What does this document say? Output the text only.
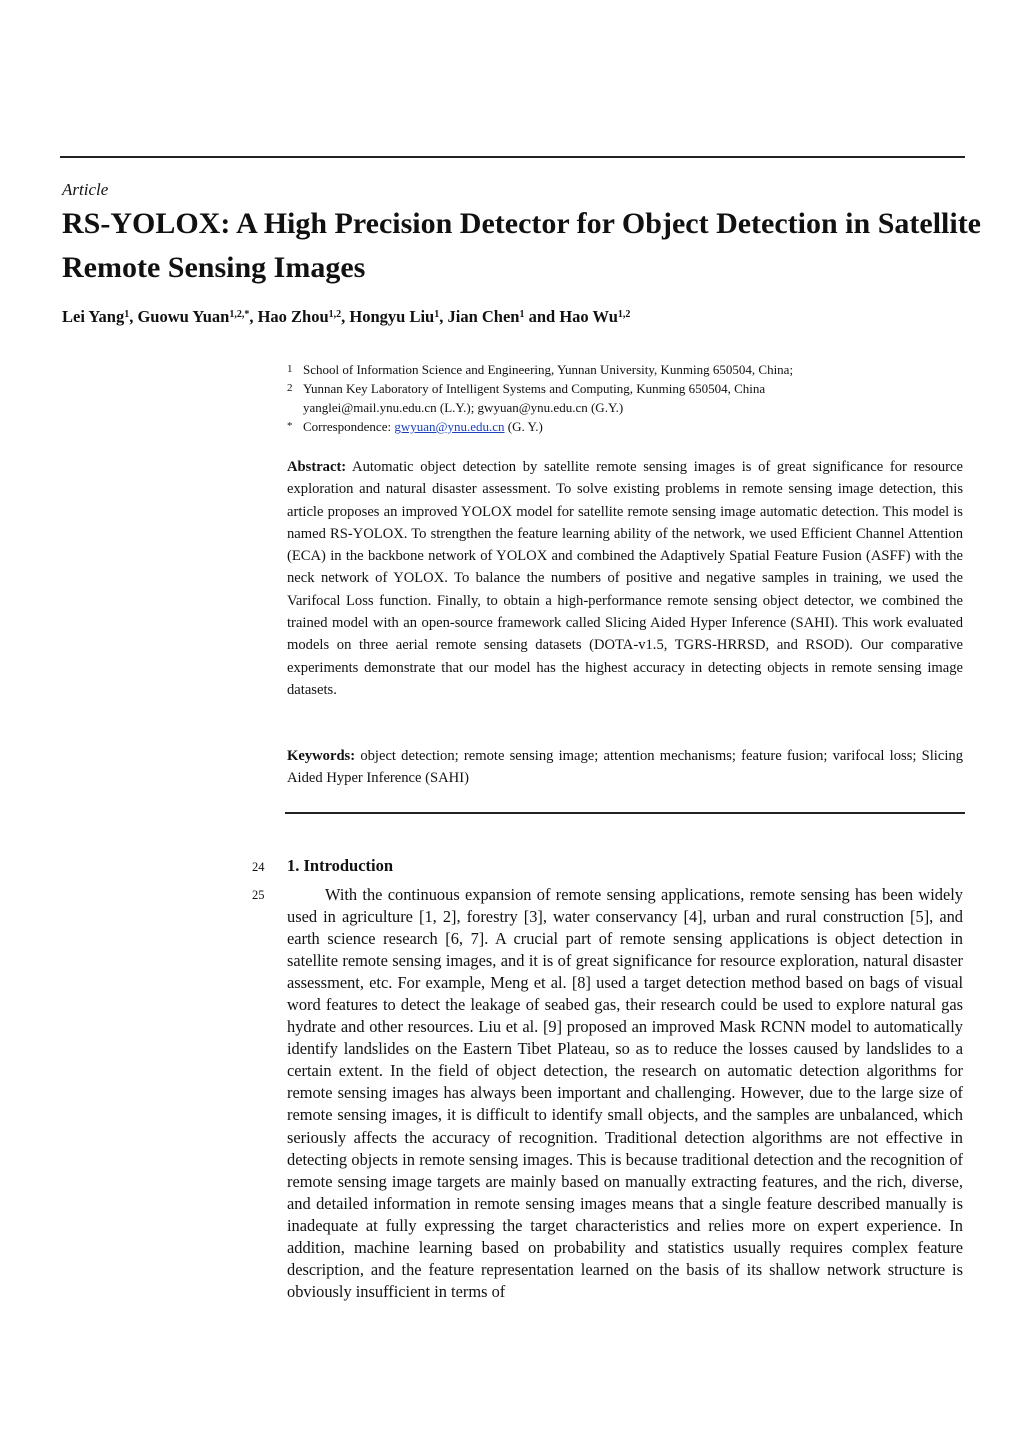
Article
RS-YOLOX: A High Precision Detector for Object Detection in Satellite Remote Sensing Images
Lei Yang$^1$, Guowu Yuan$^{1,2,*}$, Hao Zhou$^{1,2}$, Hongyu Liu$^1$, Jian Chen$^1$ and Hao Wu$^{1,2}$
1 School of Information Science and Engineering, Yunnan University, Kunming 650504, China;
2 Yunnan Key Laboratory of Intelligent Systems and Computing, Kunming 650504, China
yanglei@mail.ynu.edu.cn (L.Y.); gwyuan@ynu.edu.cn (G.Y.)
* Correspondence: gwyuan@ynu.edu.cn (G. Y.)
Abstract: Automatic object detection by satellite remote sensing images is of great significance for resource exploration and natural disaster assessment. To solve existing problems in remote sensing image detection, this article proposes an improved YOLOX model for satellite remote sensing image automatic detection. This model is named RS-YOLOX. To strengthen the feature learning ability of the network, we used Efficient Channel Attention (ECA) in the backbone network of YOLOX and combined the Adaptively Spatial Feature Fusion (ASFF) with the neck network of YOLOX. To balance the numbers of positive and negative samples in training, we used the Varifocal Loss function. Finally, to obtain a high-performance remote sensing object detector, we combined the trained model with an open-source framework called Slicing Aided Hyper Inference (SAHI). This work evaluated models on three aerial remote sensing datasets (DOTA-v1.5, TGRS-HRRSD, and RSOD). Our comparative experiments demonstrate that our model has the highest accuracy in detecting objects in remote sensing image datasets.
Keywords: object detection; remote sensing image; attention mechanisms; feature fusion; varifocal loss; Slicing Aided Hyper Inference (SAHI)
24
25
1. Introduction
With the continuous expansion of remote sensing applications, remote sensing has been widely used in agriculture [1, 2], forestry [3], water conservancy [4], urban and rural construction [5], and earth science research [6, 7]. A crucial part of remote sensing applications is object detection in satellite remote sensing images, and it is of great significance for resource exploration, natural disaster assessment, etc. For example, Meng et al. [8] used a target detection method based on bags of visual word features to detect the leakage of seabed gas, their research could be used to explore natural gas hydrate and other resources. Liu et al. [9] proposed an improved Mask RCNN model to automatically identify landslides on the Eastern Tibet Plateau, so as to reduce the losses caused by landslides to a certain extent. In the field of object detection, the research on automatic detection algorithms for remote sensing images has always been important and challenging. However, due to the large size of remote sensing images, it is difficult to identify small objects, and the samples are unbalanced, which seriously affects the accuracy of recognition. Traditional detection algorithms are not effective in detecting objects in remote sensing images. This is because traditional detection and the recognition of remote sensing image targets are mainly based on manually extracting features, and the rich, diverse, and detailed information in remote sensing images means that a single feature described manually is inadequate at fully expressing the target characteristics and relies more on expert experience. In addition, machine learning based on probability and statistics usually requires complex feature description, and the feature representation learned on the basis of its shallow network structure is obviously insufficient in terms of
